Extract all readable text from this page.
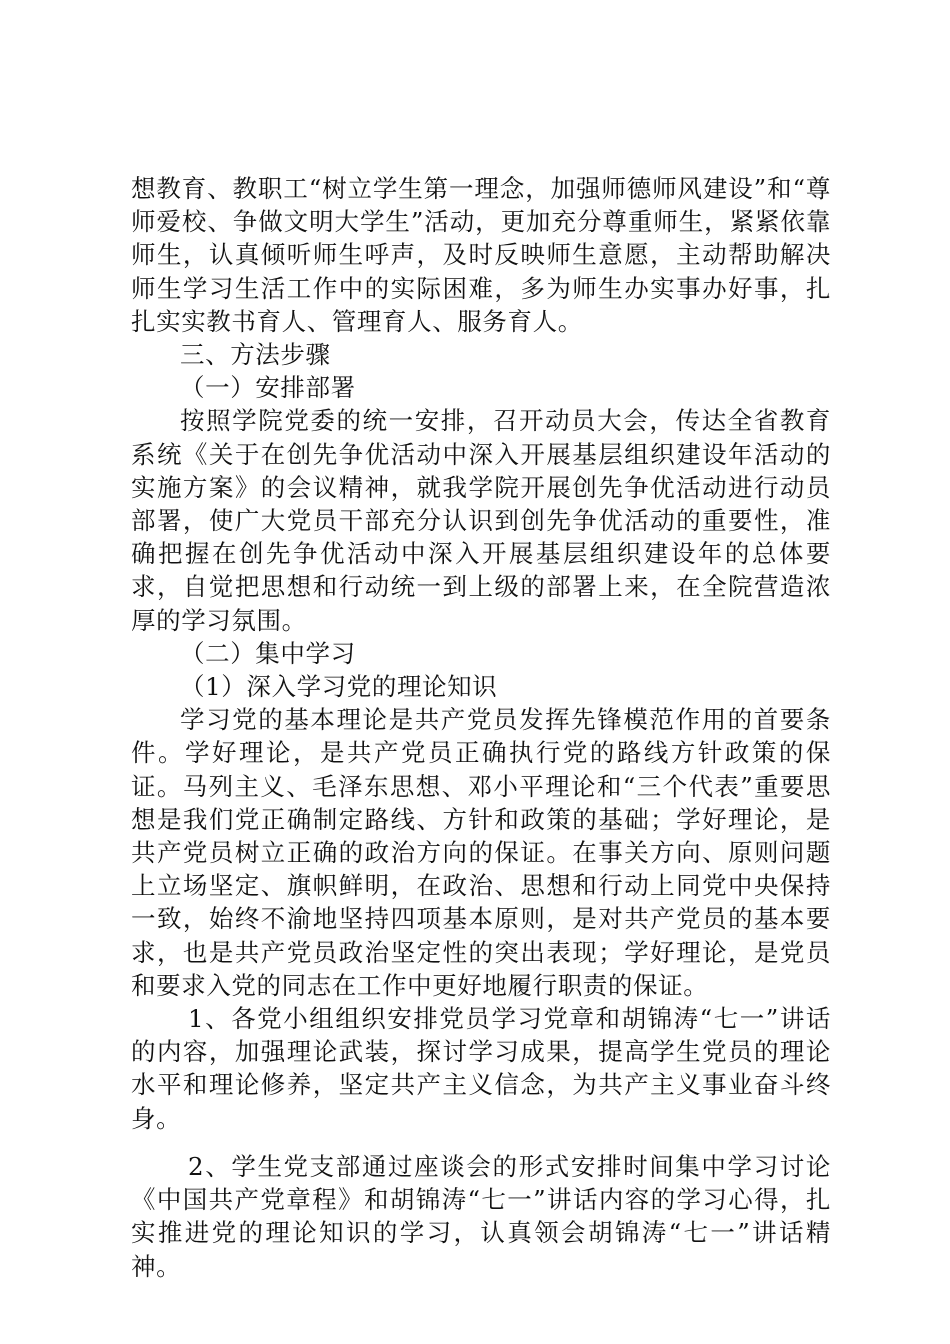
想教育、教职工“树立学生第一理念，加强师德师风建设”和“尊师爱校、争做文明大学生”活动，更加充分尊重师生，紧紧依靠师生，认真倾听师生呼声，及时反映师生意愿，主动帮助解决师生学习生活工作中的实际困难，多为师生办实事办好事，扎扎实实教书育人、管理育人、服务育人。

三、方法步骤

（一）安排部署

按照学院党委的统一安排，召开动员大会，传达全省教育系统《关于在创先争优活动中深入开展基层组织建设年活动的实施方案》的会议精神，就我学院开展创先争优活动进行动员部署，使广大党员干部充分认识到创先争优活动的重要性，准确把握在创先争优活动中深入开展基层组织建设年的总体要求，自觉把思想和行动统一到上级的部署上来，在全院营造浓厚的学习氛围。

（二）集中学习

（1）深入学习党的理论知识

学习党的基本理论是共产党员发挥先锋模范作用的首要条件。学好理论，是共产党员正确执行党的路线方针政策的保证。马列主义、毛泽东思想、邓小平理论和“三个代表”重要思想是我们党正确制定路线、方针和政策的基础；学好理论，是共产党员树立正确的政治方向的保证。在事关方向、原则问题上立场坚定、旗帜鲜明，在政治、思想和行动上同党中央保持一致，始终不渝地坚持四项基本原则，是对共产党员的基本要求，也是共产党员政治坚定性的突出表现；学好理论，是党员和要求入党的同志在工作中更好地履行职责的保证。

1、各党小组组织安排党员学习党章和胡锦涛“七一”讲话的内容，加强理论武装，探讨学习成果，提高学生党员的理论水平和理论修养，坚定共产主义信念，为共产主义事业奋斗终身。

2、学生党支部通过座谈会的形式安排时间集中学习讨论《中国共产党章程》和胡锦涛“七一”讲话内容的学习心得，扎实推进党的理论知识的学习，认真领会胡锦涛“七一”讲话精神。
